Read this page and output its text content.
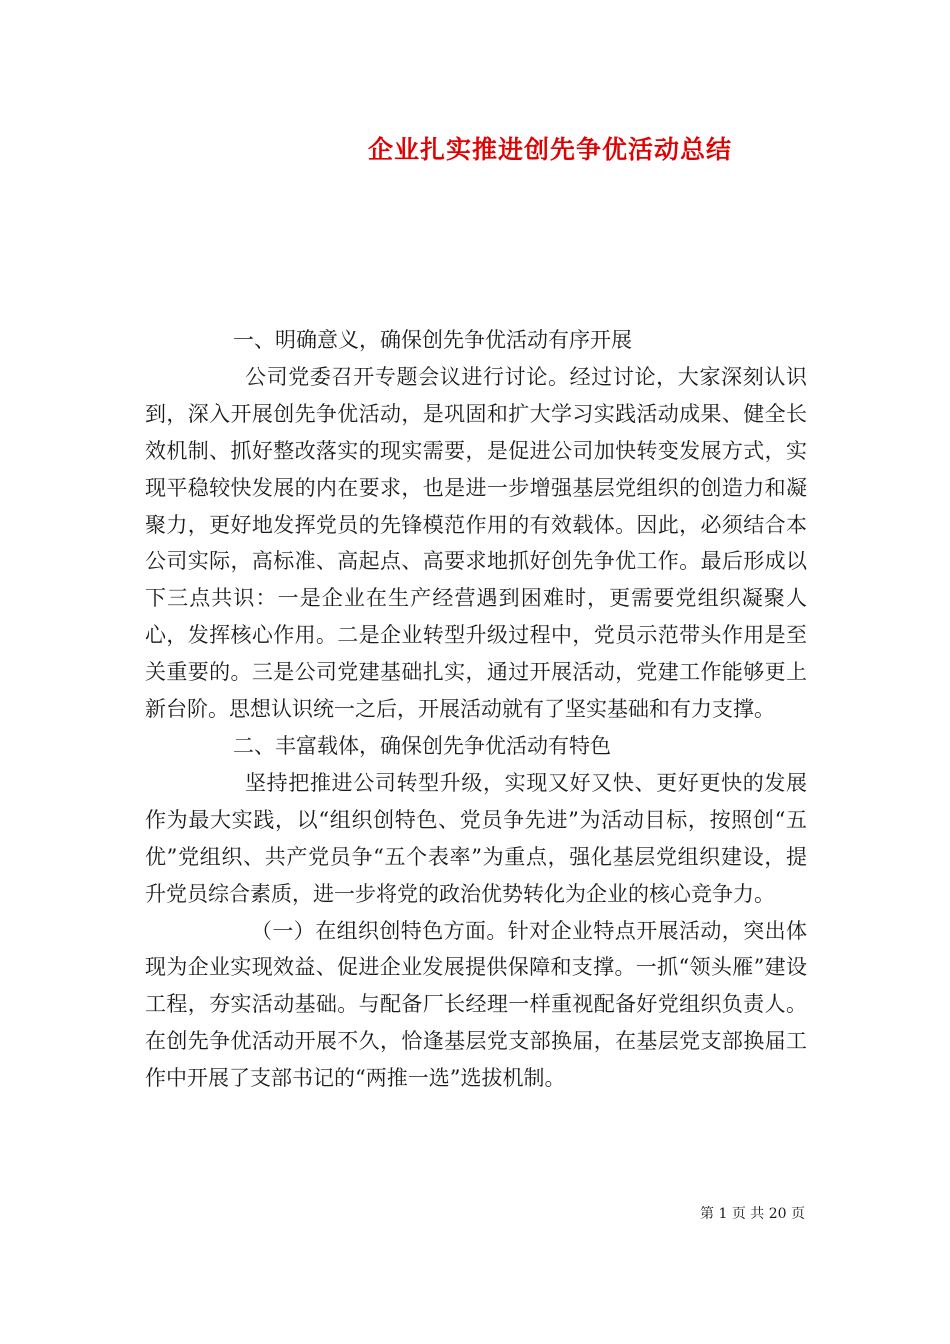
企业扎实推进创先争优活动总结

一、明确意义，确保创先争优活动有序开展

公司党委召开专题会议进行讨论。经过讨论，大家深刻认识到，深入开展创先争优活动，是巩固和扩大学习实践活动成果、健全长效机制、抓好整改落实的现实需要，是促进公司加快转变发展方式，实现平稳较快发展的内在要求，也是进一步增强基层党组织的创造力和凝聚力，更好地发挥党员的先锋模范作用的有效载体。因此，必须结合本公司实际，高标准、高起点、高要求地抓好创先争优工作。最后形成以下三点共识：一是企业在生产经营遇到困难时，更需要党组织凝聚人心，发挥核心作用。二是企业转型升级过程中，党员示范带头作用是至关重要的。三是公司党建基础扎实，通过开展活动，党建工作能够更上新台阶。思想认识统一之后，开展活动就有了坚实基础和有力支撑。

二、丰富载体，确保创先争优活动有特色

坚持把推进公司转型升级，实现又好又快、更好更快的发展作为最大实践，以“组织创特色、党员争先进”为活动目标，按照创“五优”党组织、共产党员争“五个表率”为重点，强化基层党组织建设，提升党员综合素质，进一步将党的政治优势转化为企业的核心竞争力。

（一）在组织创特色方面。针对企业特点开展活动，突出体现为企业实现效益、促进企业发展提供保障和支撑。一抓“领头雁”建设工程，夯实活动基础。与配备厂长经理一样重视配备好党组织负责人。在创先争优活动开展不久，恰逢基层党支部换届，在基层党支部换届工作中开展了支部书记的“两推一选”选拔机制。

第 1 页 共 20 页
